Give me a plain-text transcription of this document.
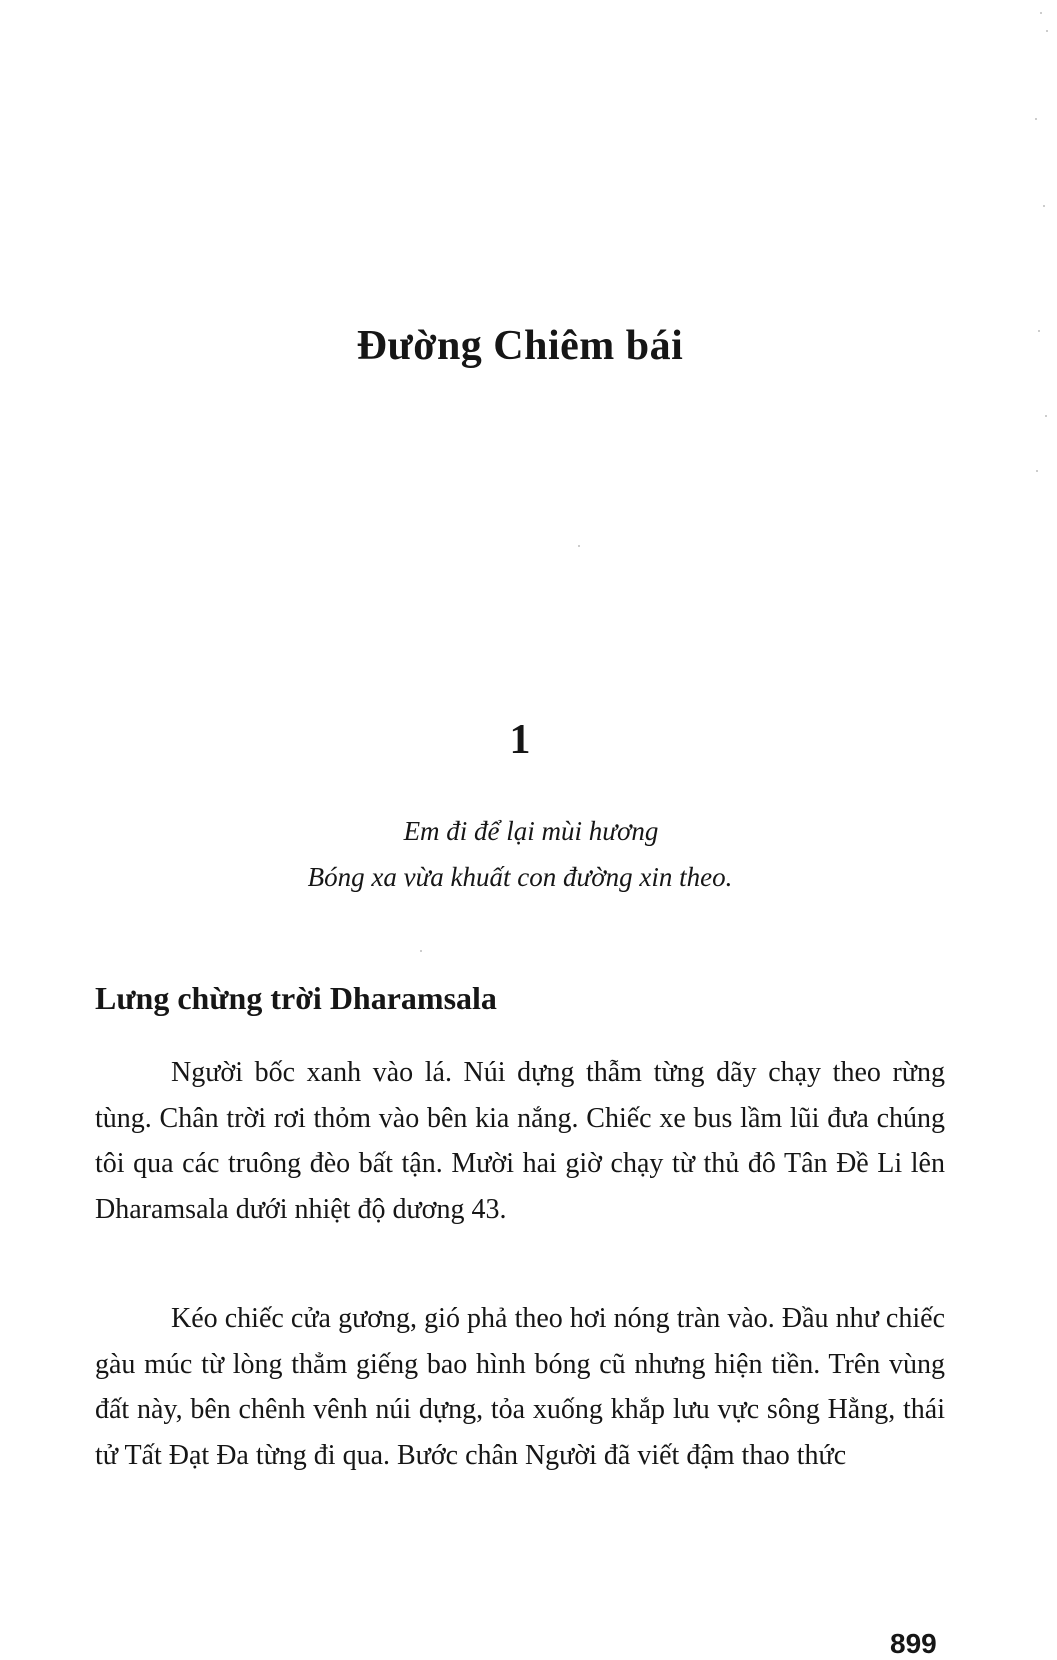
Đường Chiêm bái
1
Em đi để lại mùi hương
Bóng xa vừa khuất con đường xin theo.
Lưng chừng trời Dharamsala

Người bốc xanh vào lá. Núi dựng thẫm từng dãy chạy theo rừng tùng. Chân trời rơi thỏm vào bên kia nắng. Chiếc xe bus lầm lũi đưa chúng tôi qua các truông đèo bất tận. Mười hai giờ chạy từ thủ đô Tân Đề Li lên Dharamsala dưới nhiệt độ dương 43.

Kéo chiếc cửa gương, gió phả theo hơi nóng tràn vào. Đầu như chiếc gàu múc từ lòng thẳm giếng bao hình bóng cũ nhưng hiện tiền. Trên vùng đất này, bên chênh vênh núi dựng, tỏa xuống khắp lưu vực sông Hằng, thái tử Tất Đạt Đa từng đi qua. Bước chân Người đã viết đậm thao thức

899
